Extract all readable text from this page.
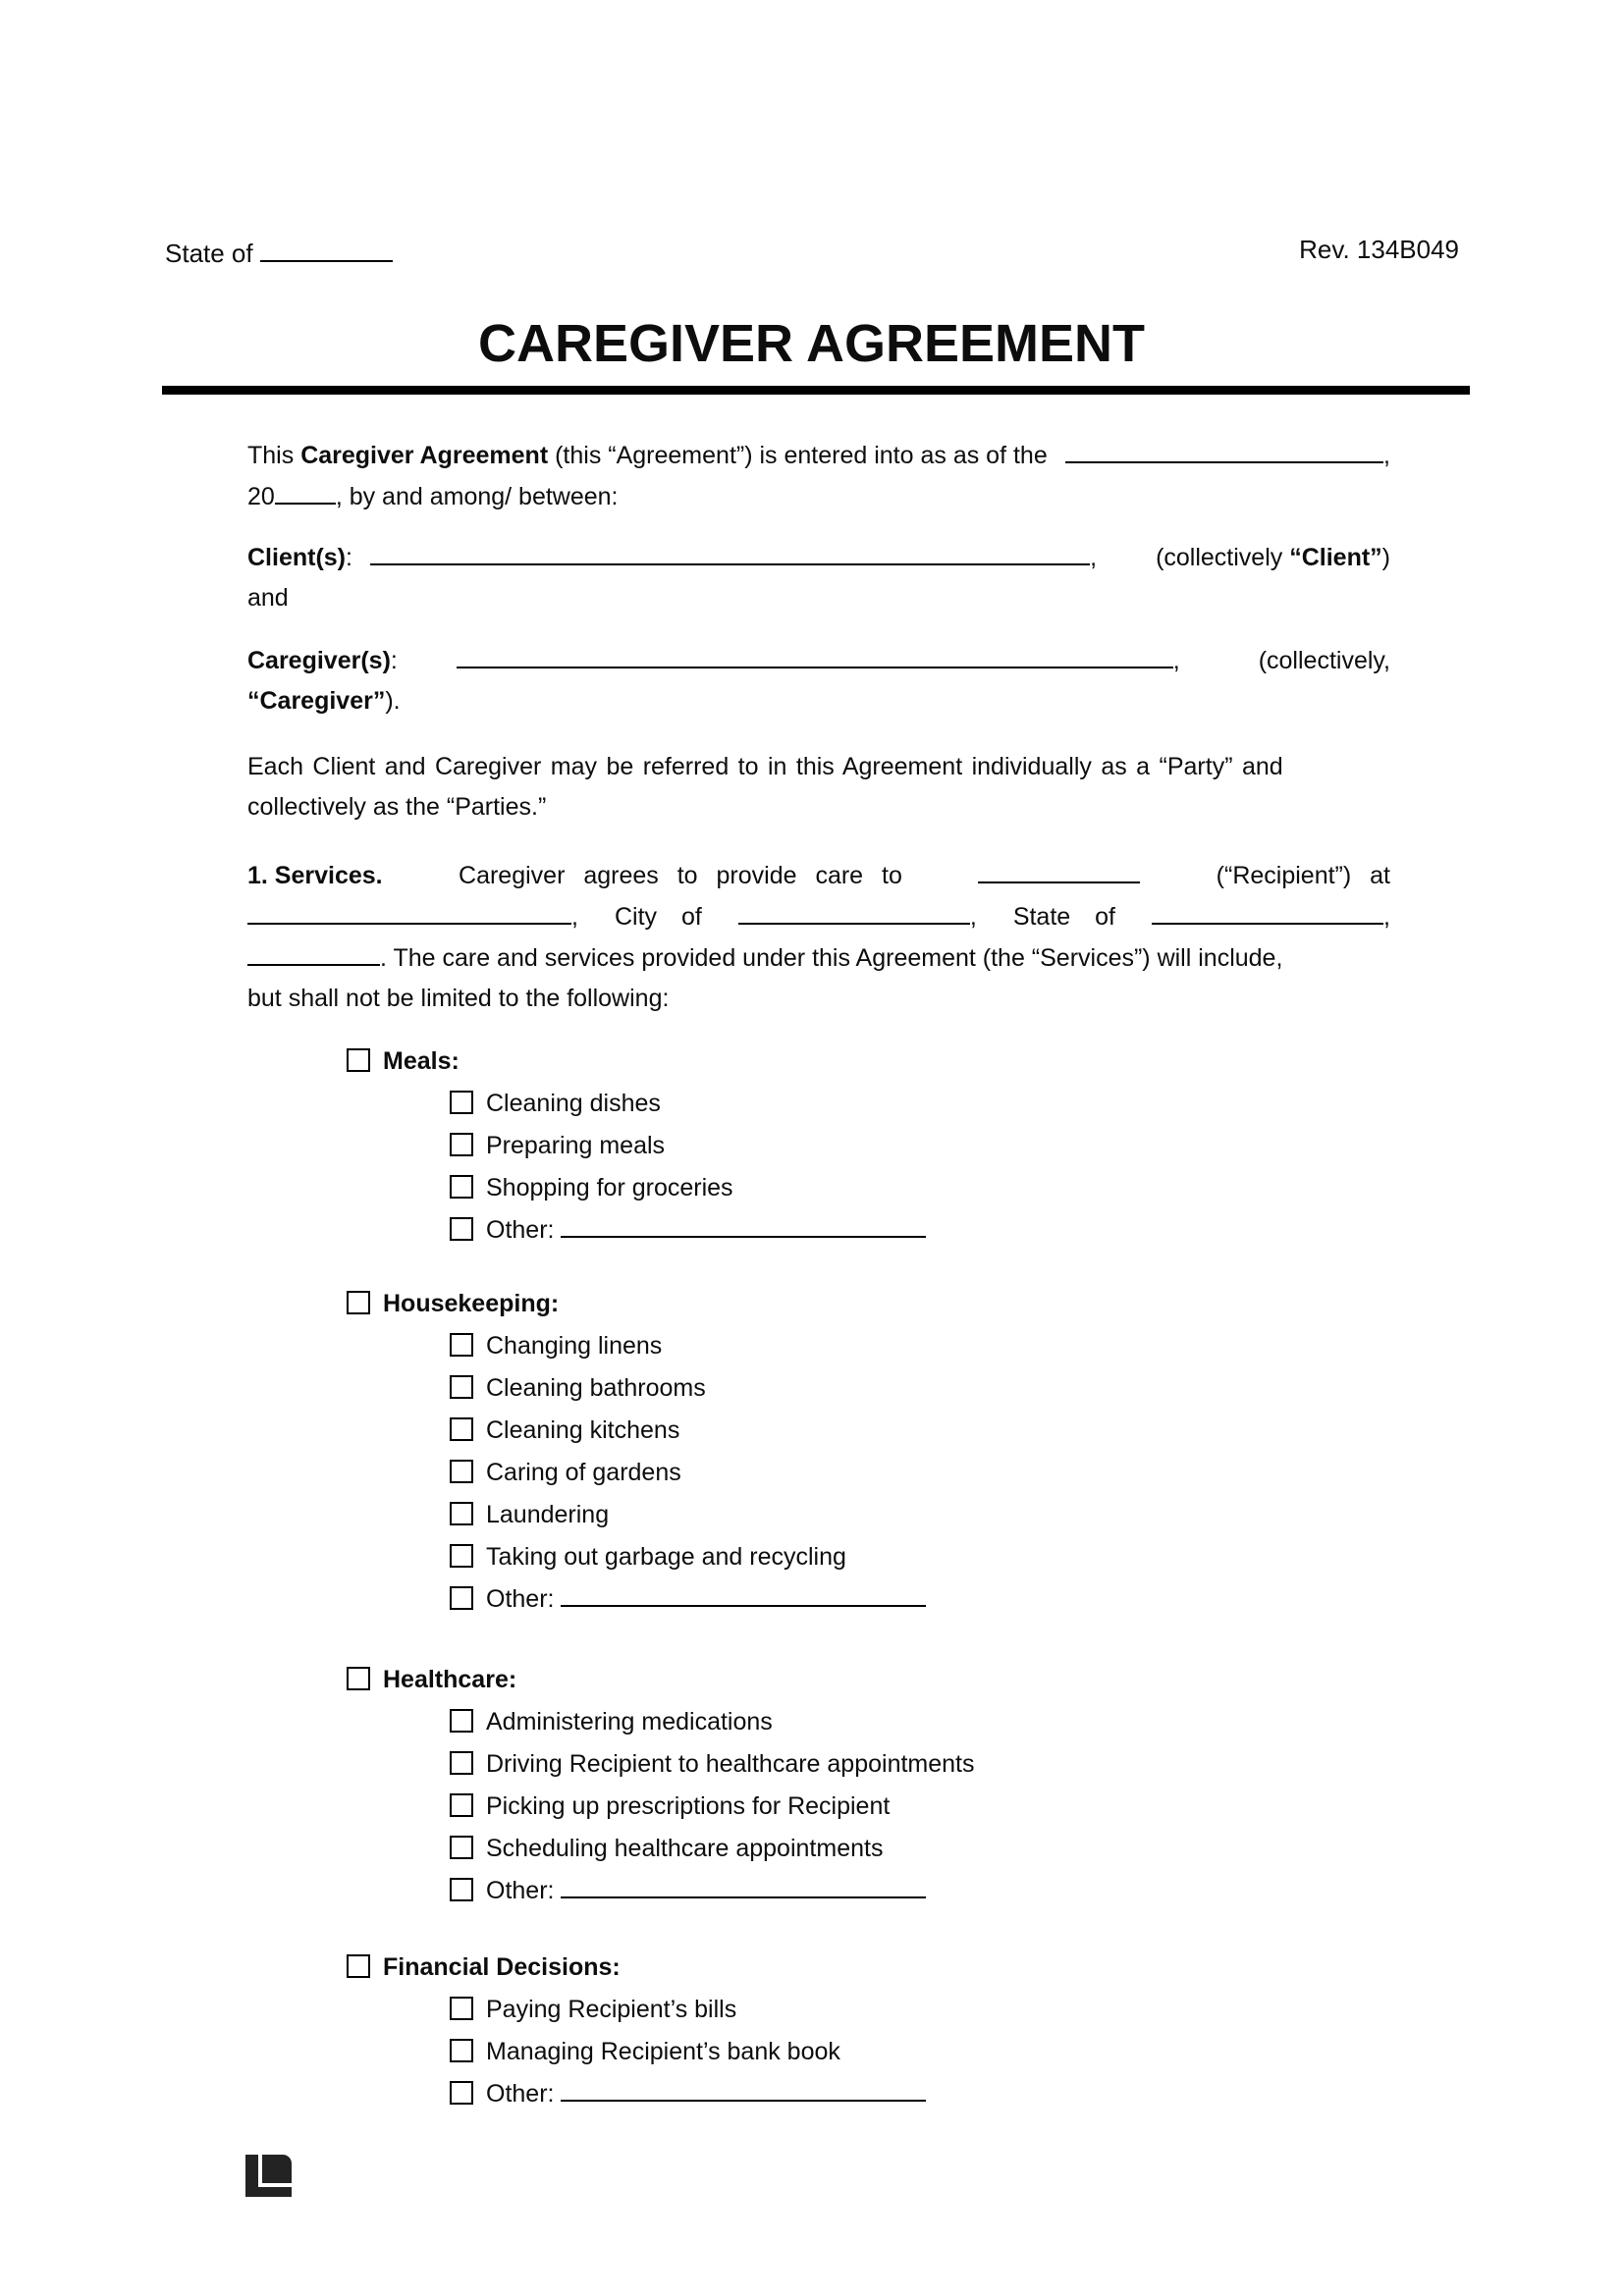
State of	Rev. 134B049
CAREGIVER AGREEMENT
This Caregiver Agreement (this “Agreement”) is entered into as as of the	,
20 , by and among/ between:
Client(s):	, (collectively “Client”)
and
Caregiver(s):	,	(collectively,
“Caregiver”).
Each Client and Caregiver may be referred to in this Agreement individually as a “Party” and
collectively as the “Parties.”
1. Services.	Caregiver agrees to provide care to	(“Recipient”) at
, City of	, State of	,
. The care and services provided under this Agreement (the “Services”) will include,
but shall not be limited to the following:
Meals:
Cleaning dishes
Preparing meals
Shopping for groceries
Other:
Housekeeping:
Changing linens
Cleaning bathrooms
Cleaning kitchens
Caring of gardens
Laundering
Taking out garbage and recycling
Other:
Healthcare:
Administering medications
Driving Recipient to healthcare appointments
Picking up prescriptions for Recipient
Scheduling healthcare appointments
Other:
Financial Decisions:
Paying Recipient’s bills
Managing Recipient’s bank book
Other:
